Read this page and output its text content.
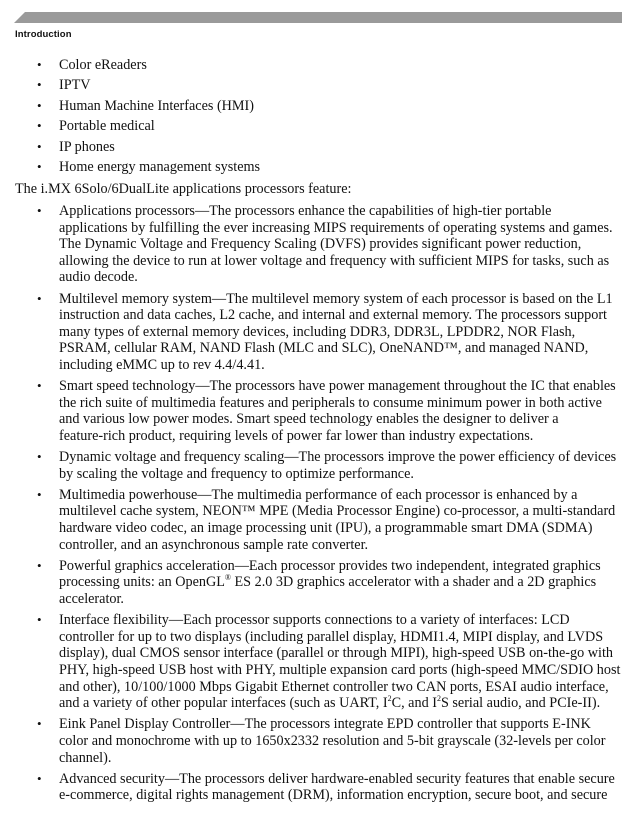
Introduction
• Color eReaders
• IPTV
• Human Machine Interfaces (HMI)
• Portable medical
• IP phones
• Home energy management systems
The i.MX 6Solo/6DualLite applications processors feature:
• Applications processors—The processors enhance the capabilities of high-tier portable
applications by fulfilling the ever increasing MIPS requirements of operating systems and games.
The Dynamic Voltage and Frequency Scaling (DVFS) provides significant power reduction,
allowing the device to run at lower voltage and frequency with sufficient MIPS for tasks, such as
audio decode.
• Multilevel memory system—The multilevel memory system of each processor is based on the L1
instruction and data caches, L2 cache, and internal and external memory. The processors support
many types of external memory devices, including DDR3, DDR3L, LPDDR2, NOR Flash,
PSRAM, cellular RAM, NAND Flash (MLC and SLC), OneNAND™, and managed NAND,
including eMMC up to rev 4.4/4.41.
• Smart speed technology—The processors have power management throughout the IC that enables
the rich suite of multimedia features and peripherals to consume minimum power in both active
and various low power modes. Smart speed technology enables the designer to deliver a
feature-rich product, requiring levels of power far lower than industry expectations.
• Dynamic voltage and frequency scaling—The processors improve the power efficiency of devices
by scaling the voltage and frequency to optimize performance.
• Multimedia powerhouse—The multimedia performance of each processor is enhanced by a
multilevel cache system, NEON™ MPE (Media Processor Engine) co-processor, a multi-standard
hardware video codec, an image processing unit (IPU), a programmable smart DMA (SDMA)
controller, and an asynchronous sample rate converter.
• Powerful graphics acceleration—Each processor provides two independent, integrated graphics
processing units: an OpenGL® ES 2.0 3D graphics accelerator with a shader and a 2D graphics
accelerator.
• Interface flexibility—Each processor supports connections to a variety of interfaces: LCD
controller for up to two displays (including parallel display, HDMI1.4, MIPI display, and LVDS
display), dual CMOS sensor interface (parallel or through MIPI), high-speed USB on-the-go with
PHY, high-speed USB host with PHY, multiple expansion card ports (high-speed MMC/SDIO host
and other), 10/100/1000 Mbps Gigabit Ethernet controller two CAN ports, ESAI audio interface,
and a variety of other popular interfaces (such as UART, $I^2C$, and $I^2S$ serial audio, and PCIe-II).
• Eink Panel Display Controller—The processors integrate EPD controller that supports E-INK
color and monochrome with up to 1650x2332 resolution and 5-bit grayscale (32-levels per color
channel).
• Advanced security—The processors deliver hardware-enabled security features that enable secure
e-commerce, digital rights management (DRM), information encryption, secure boot, and secure
